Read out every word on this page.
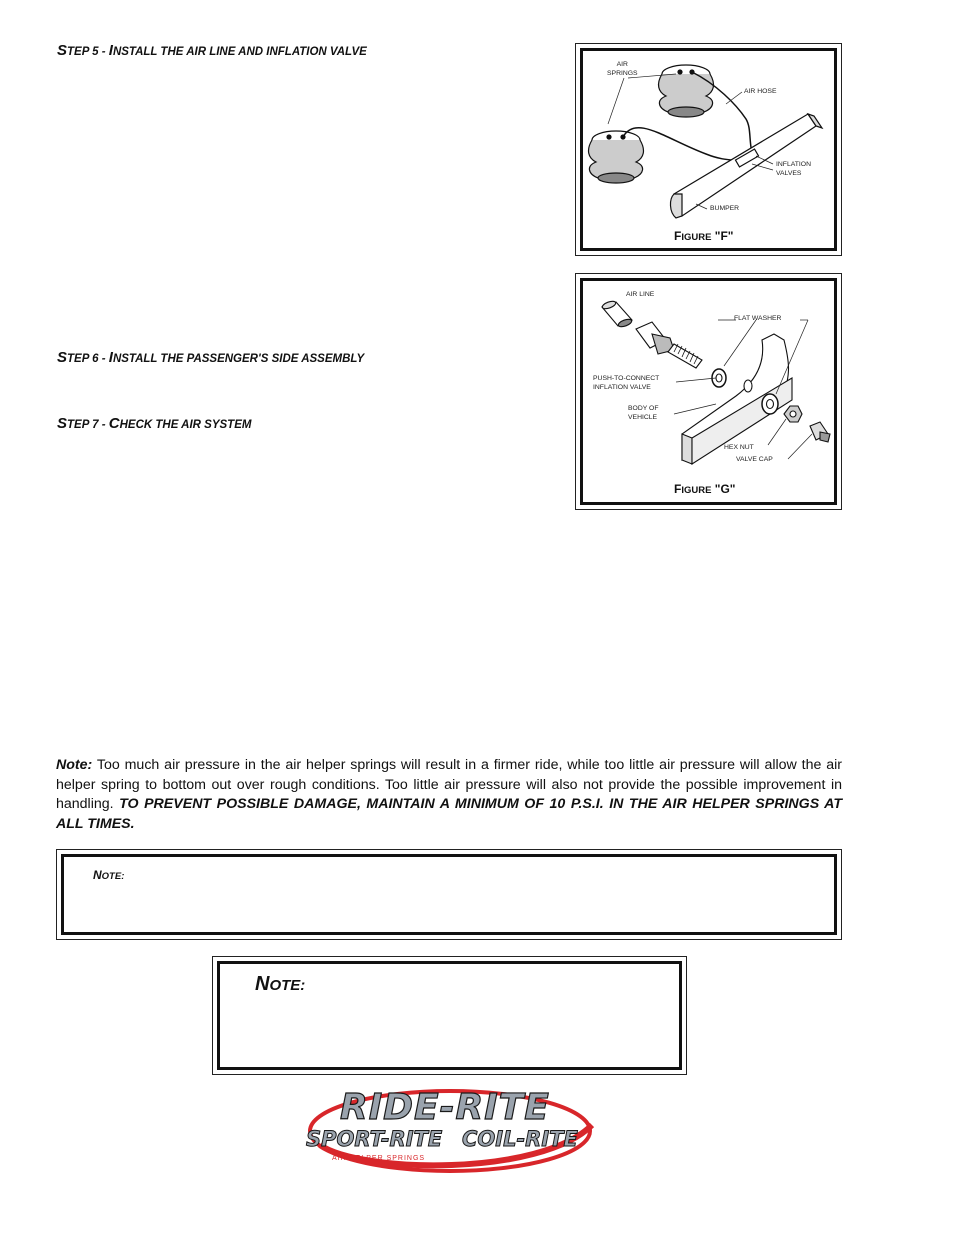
STEP 5 - INSTALL THE AIR LINE AND INFLATION VALVE
STEP 6 - INSTALL THE PASSENGER'S SIDE ASSEMBLY
STEP 7 - CHECK THE AIR SYSTEM
AIR
SPRINGS
AIR HOSE
INFLATION
VALVES
BUMPER
FIGURE "F"
AIR LINE
FLAT WASHER
PUSH-TO-CONNECT
INFLATION VALVE
BODY OF
VEHICLE
HEX NUT
VALVE CAP
FIGURE "G"
Note: Too much air pressure in the air helper springs will result in a firmer ride, while too little air pressure will allow the air helper spring to bottom out over rough conditions. Too little air pressure will also not provide the possible improvement in handling. TO PREVENT POSSIBLE DAMAGE, MAINTAIN A MINIMUM OF 10 P.S.I. IN THE AIR HELPER SPRINGS AT ALL TIMES.
NOTE:
NOTE:
RIDE-RITE
SPORT-RITE COIL-RITE
AIR HELPER SPRINGS
